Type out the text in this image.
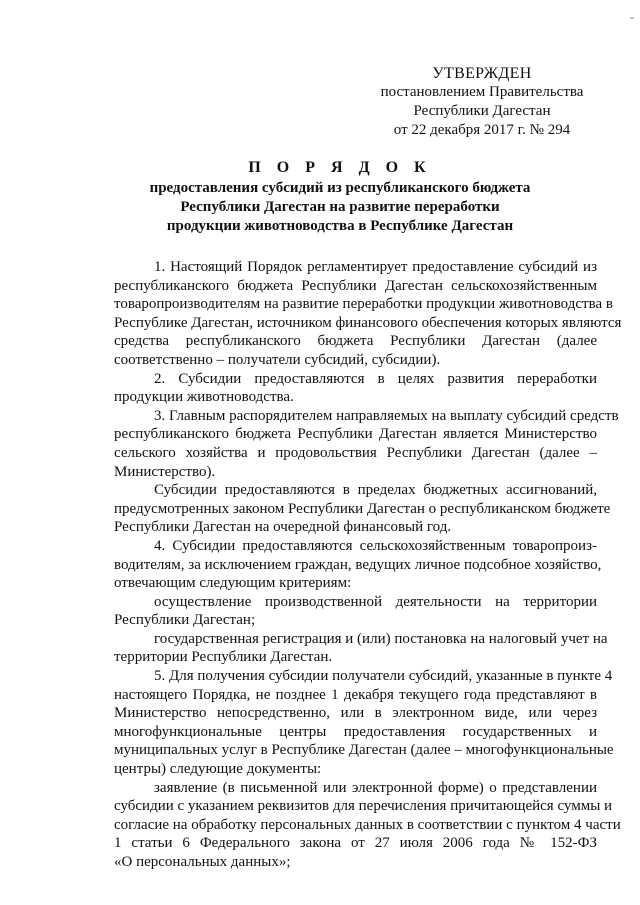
-
УТВЕРЖДЕН
постановлением Правительства
Республики Дагестан
от 22 декабря 2017 г. № 294
П О Р Я Д О К
предоставления субсидий из республиканского бюджета
Республики Дагестан на развитие переработки
продукции животноводства в Республике Дагестан
1. Настоящий Порядок регламентирует предоставление субсидий из
республиканского бюджета Республики Дагестан сельскохозяйственным
товаропроизводителям на развитие переработки продукции животноводства в
Республике Дагестан, источником финансового обеспечения которых являются
средства республиканского бюджета Республики Дагестан (далее
соответственно – получатели субсидий, субсидии).
2. Субсидии предоставляются в целях развития переработки
продукции животноводства.
3. Главным распорядителем направляемых на выплату субсидий средств
республиканского бюджета Республики Дагестан является Министерство
сельского хозяйства и продовольствия Республики Дагестан (далее –
Министерство).
Субсидии предоставляются в пределах бюджетных ассигнований,
предусмотренных законом Республики Дагестан о республиканском бюджете
Республики Дагестан на очередной финансовый год.
4. Субсидии предоставляются сельскохозяйственным товаропроиз-
водителям, за исключением граждан, ведущих личное подсобное хозяйство,
отвечающим следующим критериям:
осуществление производственной деятельности на территории
Республики Дагестан;
государственная регистрация и (или) постановка на налоговый учет на
территории Республики Дагестан.
5. Для получения субсидии получатели субсидий, указанные в пункте 4
настоящего Порядка, не позднее 1 декабря текущего года представляют в
Министерство непосредственно, или в электронном виде, или через
многофункциональные центры предоставления государственных и
муниципальных услуг в Республике Дагестан (далее – многофункциональные
центры) следующие документы:
заявление (в письменной или электронной форме) о представлении
субсидии с указанием реквизитов для перечисления причитающейся суммы и
согласие на обработку персональных данных в соответствии с пунктом 4 части
1 статьи 6 Федерального закона от 27 июля 2006 года № 152-ФЗ
«О персональных данных»;
